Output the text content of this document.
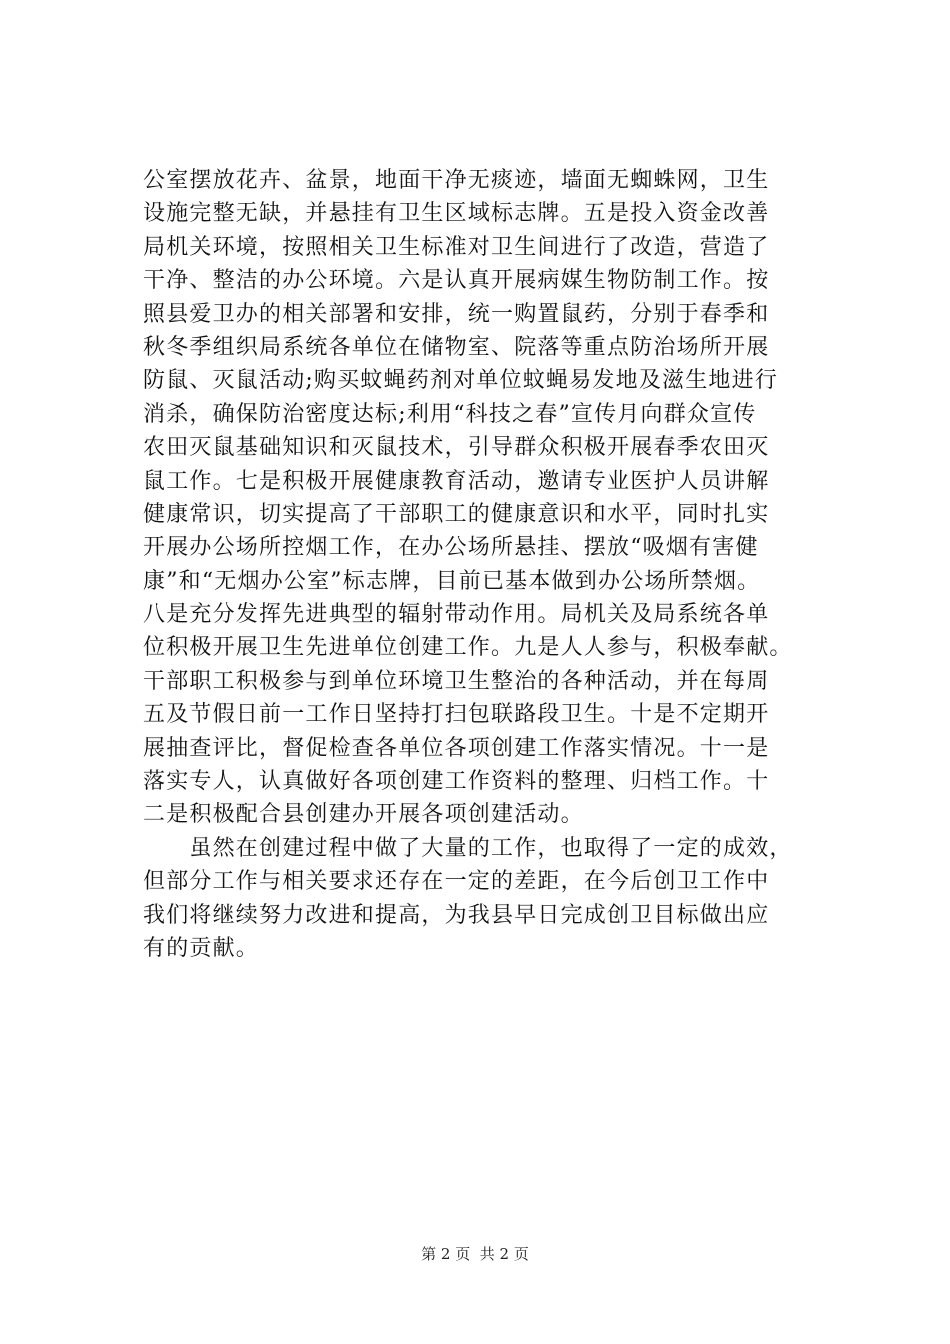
公室摆放花卉、盆景，地面干净无痰迹，墙面无蜘蛛网，卫生
设施完整无缺，并悬挂有卫生区域标志牌。五是投入资金改善
局机关环境，按照相关卫生标准对卫生间进行了改造，营造了
干净、整洁的办公环境。六是认真开展病媒生物防制工作。按
照县爱卫办的相关部署和安排，统一购置鼠药，分别于春季和
秋冬季组织局系统各单位在储物室、院落等重点防治场所开展
防鼠、灭鼠活动;购买蚊蝇药剂对单位蚊蝇易发地及滋生地进行
消杀，确保防治密度达标;利用“科技之春”宣传月向群众宣传
农田灭鼠基础知识和灭鼠技术，引导群众积极开展春季农田灭
鼠工作。七是积极开展健康教育活动，邀请专业医护人员讲解
健康常识，切实提高了干部职工的健康意识和水平，同时扎实
开展办公场所控烟工作，在办公场所悬挂、摆放“吸烟有害健
康”和“无烟办公室”标志牌，目前已基本做到办公场所禁烟。
八是充分发挥先进典型的辐射带动作用。局机关及局系统各单
位积极开展卫生先进单位创建工作。九是人人参与，积极奉献。
干部职工积极参与到单位环境卫生整治的各种活动，并在每周
五及节假日前一工作日坚持打扫包联路段卫生。十是不定期开
展抽查评比，督促检查各单位各项创建工作落实情况。十一是
落实专人，认真做好各项创建工作资料的整理、归档工作。十
二是积极配合县创建办开展各项创建活动。
　　虽然在创建过程中做了大量的工作，也取得了一定的成效，
但部分工作与相关要求还存在一定的差距，在今后创卫工作中
我们将继续努力改进和提高，为我县早日完成创卫目标做出应
有的贡献。
第 2 页  共 2 页
